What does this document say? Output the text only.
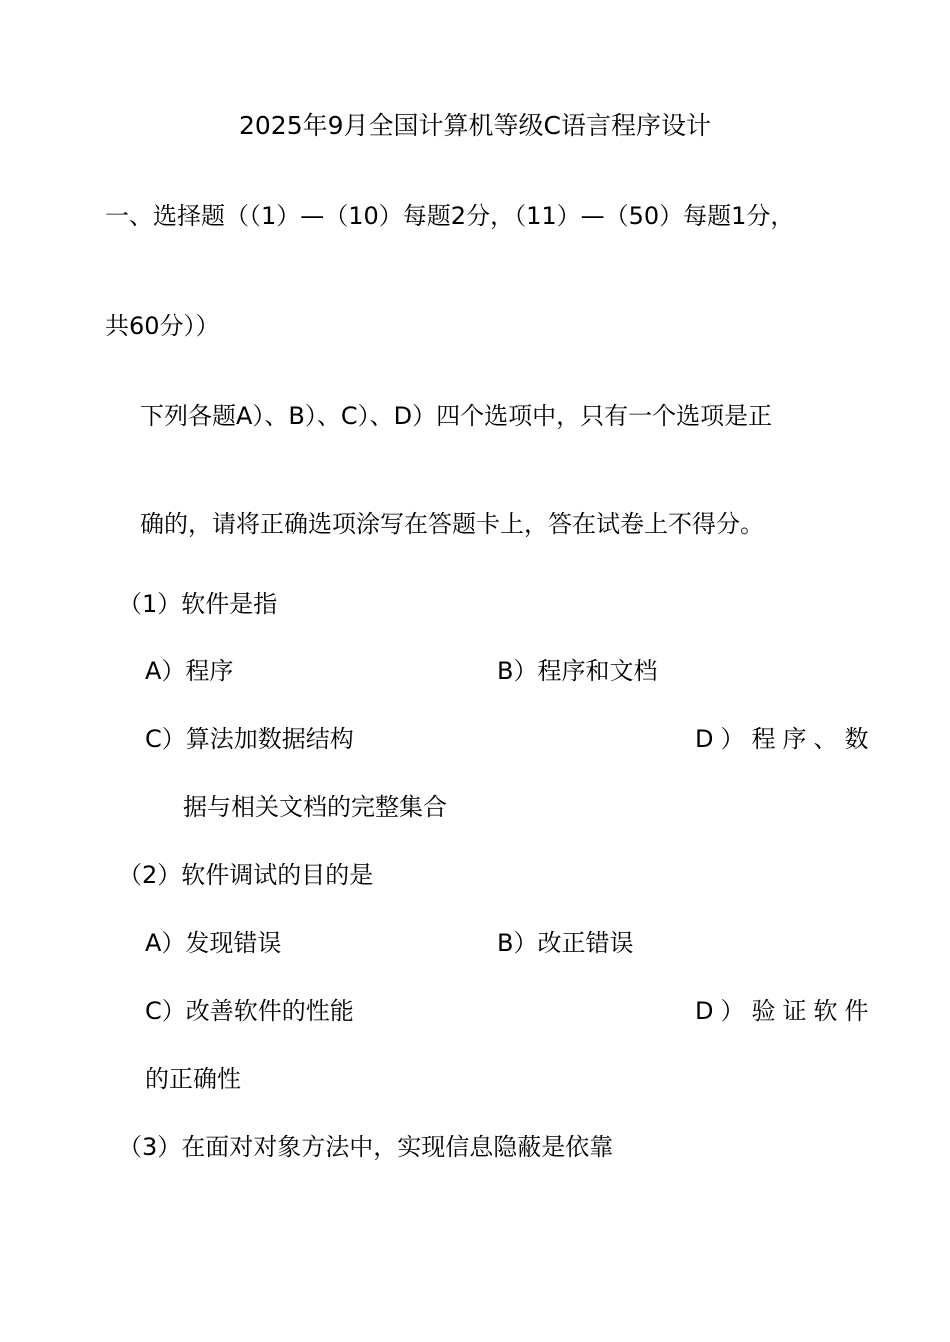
2025年9月全国计算机等级C语言程序设计
一、选择题（（1）—（10）每题2分，（11）—（50）每题1分，
共60分））
下列各题A）、B）、C）、D）四个选项中，只有一个选项是正
确的，请将正确选项涂写在答题卡上，答在试卷上不得分。
（1）软件是指
A）程序	B）程序和文档
C）算法加数据结构	D）程序、数
据与相关文档的完整集合
（2）软件调试的目的是
A）发现错误	B）改正错误
C）改善软件的性能	D）验证软件
的正确性
（3）在面对对象方法中，实现信息隐蔽是依靠
